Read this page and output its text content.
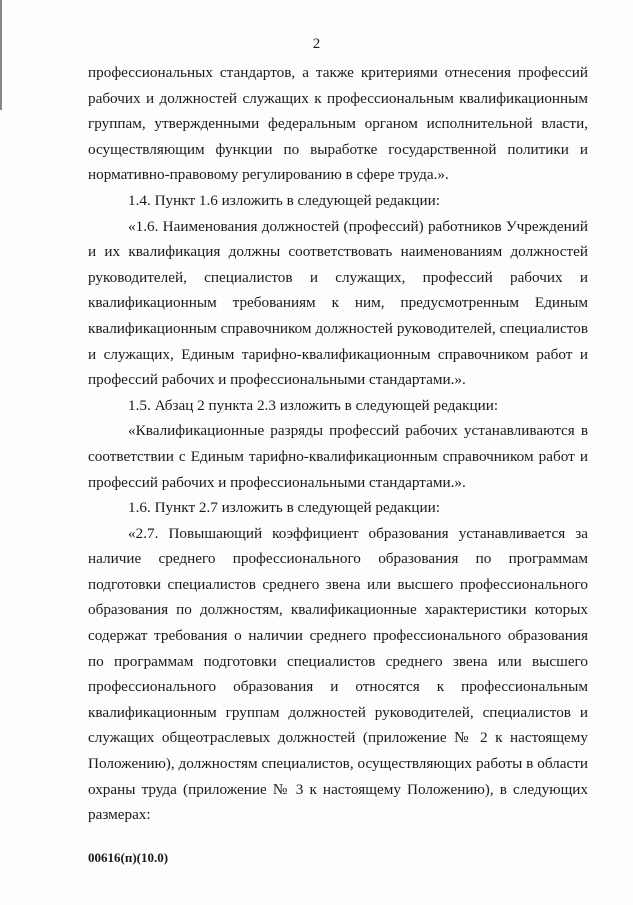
2

профессиональных стандартов, а также критериями отнесения профессий рабочих и должностей служащих к профессиональным квалификационным группам, утвержденными федеральным органом исполнительной власти, осуществляющим функции по выработке государственной политики и нормативно-правовому регулированию в сфере труда.».

1.4. Пункт 1.6 изложить в следующей редакции:

«1.6. Наименования должностей (профессий) работников Учреждений и их квалификация должны соответствовать наименованиям должностей руководителей, специалистов и служащих, профессий рабочих и квалификационным требованиям к ним, предусмотренным Единым квалификационным справочником должностей руководителей, специалистов и служащих, Единым тарифно-квалификационным справочником работ и профессий рабочих и профессиональными стандартами.».

1.5. Абзац 2 пункта 2.3 изложить в следующей редакции:

«Квалификационные разряды профессий рабочих устанавливаются в соответствии с Единым тарифно-квалификационным справочником работ и профессий рабочих и профессиональными стандартами.».

1.6. Пункт 2.7 изложить в следующей редакции:

«2.7. Повышающий коэффициент образования устанавливается за наличие среднего профессионального образования по программам подготовки специалистов среднего звена или высшего профессионального образования по должностям, квалификационные характеристики которых содержат требования о наличии среднего профессионального образования по программам подготовки специалистов среднего звена или высшего профессионального образования и относятся к профессиональным квалификационным группам должностей руководителей, специалистов и служащих общеотраслевых должностей (приложение № 2 к настоящему Положению), должностям специалистов, осуществляющих работы в области охраны труда (приложение № 3 к настоящему Положению), в следующих размерах:

00616(п)(10.0)
